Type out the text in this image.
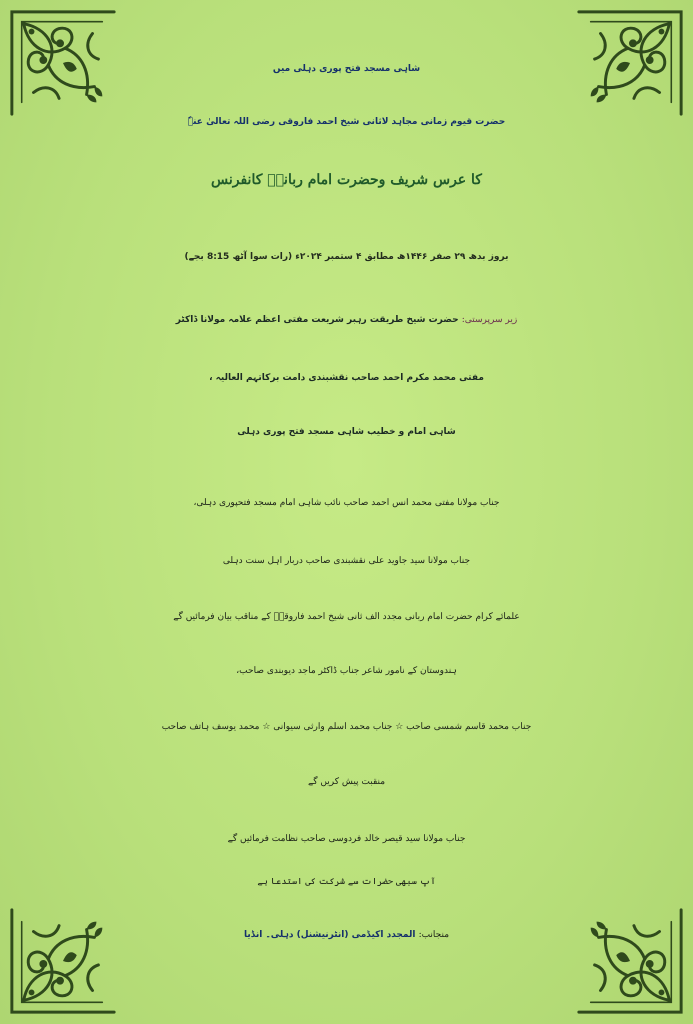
شاہی مسجد فتح پوری دہلی میں
حضرت قیوم زمانی مجاہد لاثانی شیخ احمد فاروقی رضی اللہ تعالیٰ عنہٗ
کا عرس شریف وحضرت امام ربانیؒ کانفرنس
بروز بدھ ۲۹ صفر ۱۴۴۶ھ مطابق ۴ ستمبر ۲۰۲۴ء (رات سوا آٹھ 8:15 بجے)
زیر سرپرستی: حضرت شیخ طریقت رہبر شریعت مفتی اعظم علامہ مولانا ڈاکٹر
مفتی محمد مکرم احمد صاحب نقشبندی دامت برکاتہم العالیہ ،
شاہی امام و خطیب شاہی مسجد فتح پوری دہلی
جناب مولانا مفتی محمد انس احمد صاحب نائب شاہی امام مسجد فتحپوری دہلی،
جناب مولانا سید جاوید علی نقشبندی صاحب دربار اہل سنت دہلی
علمائے کرام حضرت امام ربانی مجدد الف ثانی شیخ احمد فاروقیؒ کے مناقب بیان فرمائیں گے
ہندوستان کے نامور شاعر جناب ڈاکٹر ماجد دیوبندی صاحب،
جناب محمد قاسم شمسی صاحب ☆ جناب محمد اسلم وارثی سیوانی ☆ محمد یوسف ہاتف صاحب
منقبت پیش کریں گے
جناب مولانا سید قیصر خالد فردوسی صاحب نظامت فرمائیں گے
آپ سبھی حضرات سے شرکت کی استدعا ہے
منجانب: المجدد اکیڈمی (انٹرنیشنل) دہلی۔ انڈیا
